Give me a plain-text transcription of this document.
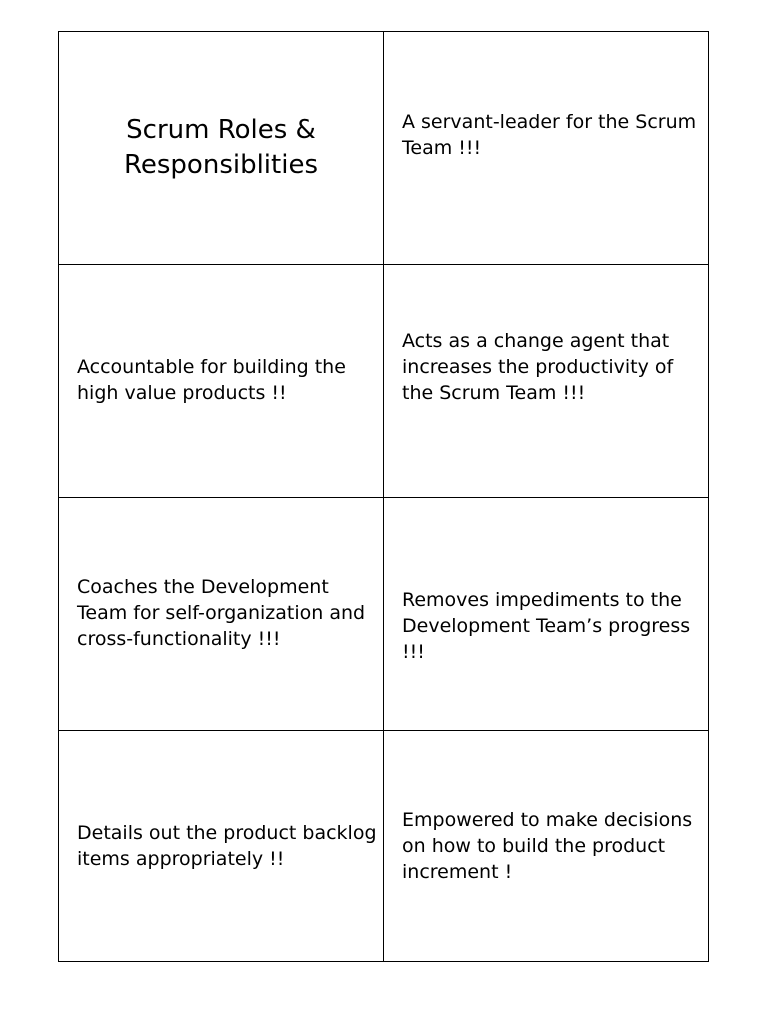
Scrum Roles & Responsiblities
A servant-leader for the Scrum Team !!!
Accountable for building the high value products !!
Acts as a change agent that increases the productivity of the Scrum Team !!!
Coaches the Development Team for self-organization and cross-functionality !!!
Removes impediments to the Development Team’s progress !!!
Details out the product backlog items appropriately !!
Empowered to make decisions on how to build the product increment !
